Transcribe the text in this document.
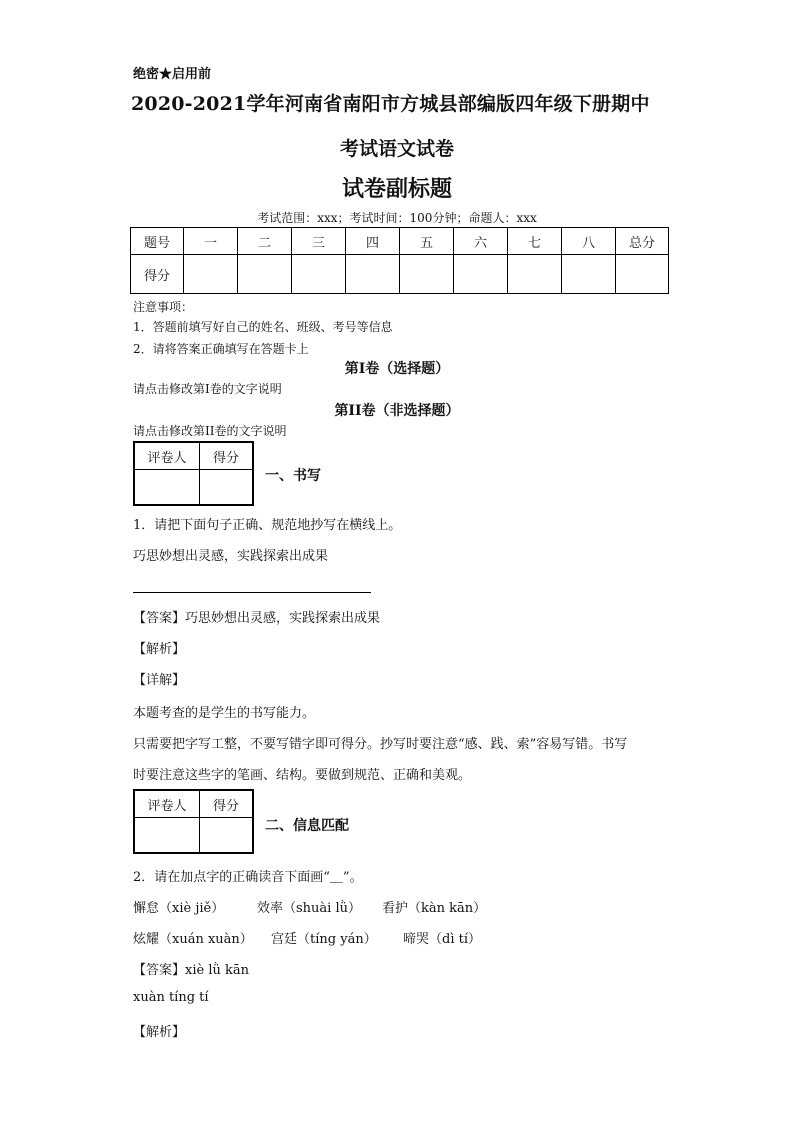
绝密★启用前
2020-2021学年河南省南阳市方城县部编版四年级下册期中
考试语文试卷
试卷副标题
考试范围：xxx；考试时间：100分钟；命题人：xxx
题号	一	二	三	四	五	六	七	八	总分
得分									
注意事项：
1．答题前填写好自己的姓名、班级、考号等信息
2．请将答案正确填写在答题卡上
第I卷（选择题）
请点击修改第I卷的文字说明
第II卷（非选择题）
请点击修改第II卷的文字说明
评卷人	得分

一、书写
1．请把下面句子正确、规范地抄写在横线上。
巧思妙想出灵感，实践探索出成果
【答案】巧思妙想出灵感，实践探索出成果
【解析】
【详解】
本题考查的是学生的书写能力。
只需要把字写工整，不要写错字即可得分。抄写时要注意“感、践、索”容易写错。书写
时要注意这些字的笔画、结构。要做到规范、正确和美观。
评卷人	得分

二、信息匹配
2．请在加点字的正确读音下面画“＿”。
懈怠（xiè jiě）	效率（shuài lǜ） 看护（kàn kān）
炫耀（xuán xuàn） 宫廷（tíng yán） 啼哭（dì tí）
【答案】xiè lǜ kān
xuàn tíng tí
【解析】
